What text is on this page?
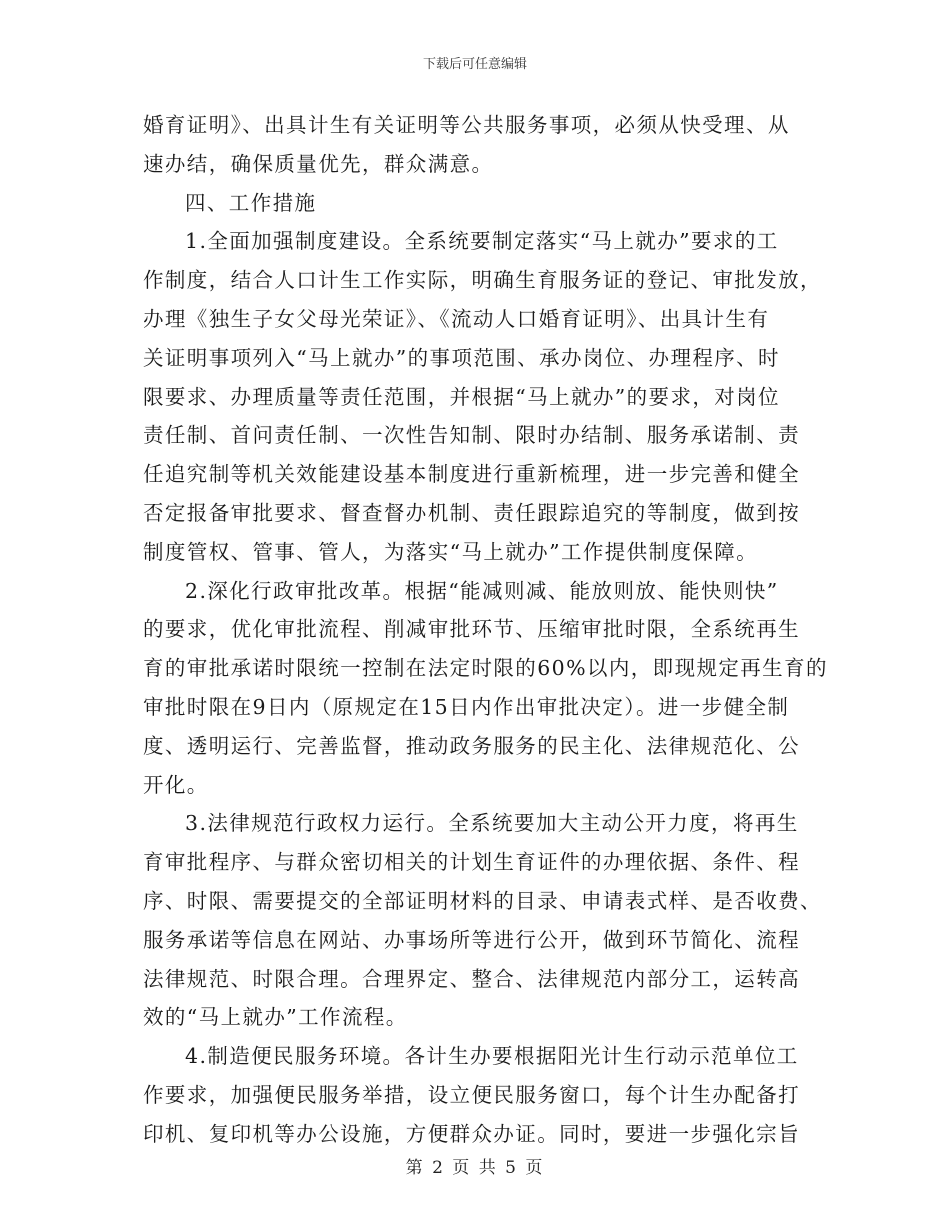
下载后可任意编辑
婚育证明》、出具计生有关证明等公共服务事项，必须从快受理、从
速办结，确保质量优先，群众满意。
四、工作措施
1.全面加强制度建设。全系统要制定落实“马上就办”要求的工
作制度，结合人口计生工作实际，明确生育服务证的登记、审批发放，
办理《独生子女父母光荣证》、《流动人口婚育证明》、出具计生有
关证明事项列入“马上就办”的事项范围、承办岗位、办理程序、时
限要求、办理质量等责任范围，并根据“马上就办”的要求，对岗位
责任制、首问责任制、一次性告知制、限时办结制、服务承诺制、责
任追究制等机关效能建设基本制度进行重新梳理，进一步完善和健全
否定报备审批要求、督查督办机制、责任跟踪追究的等制度，做到按
制度管权、管事、管人，为落实“马上就办”工作提供制度保障。
2.深化行政审批改革。根据“能减则减、能放则放、能快则快”
的要求，优化审批流程、削减审批环节、压缩审批时限，全系统再生
育的审批承诺时限统一控制在法定时限的60%以内，即现规定再生育的
审批时限在9日内（原规定在15日内作出审批决定）。进一步健全制
度、透明运行、完善监督，推动政务服务的民主化、法律规范化、公
开化。
3.法律规范行政权力运行。全系统要加大主动公开力度，将再生
育审批程序、与群众密切相关的计划生育证件的办理依据、条件、程
序、时限、需要提交的全部证明材料的目录、申请表式样、是否收费、
服务承诺等信息在网站、办事场所等进行公开，做到环节简化、流程
法律规范、时限合理。合理界定、整合、法律规范内部分工，运转高
效的“马上就办”工作流程。
4.制造便民服务环境。各计生办要根据阳光计生行动示范单位工
作要求，加强便民服务举措，设立便民服务窗口，每个计生办配备打
印机、复印机等办公设施，方便群众办证。同时，要进一步强化宗旨
第 2 页 共 5 页
